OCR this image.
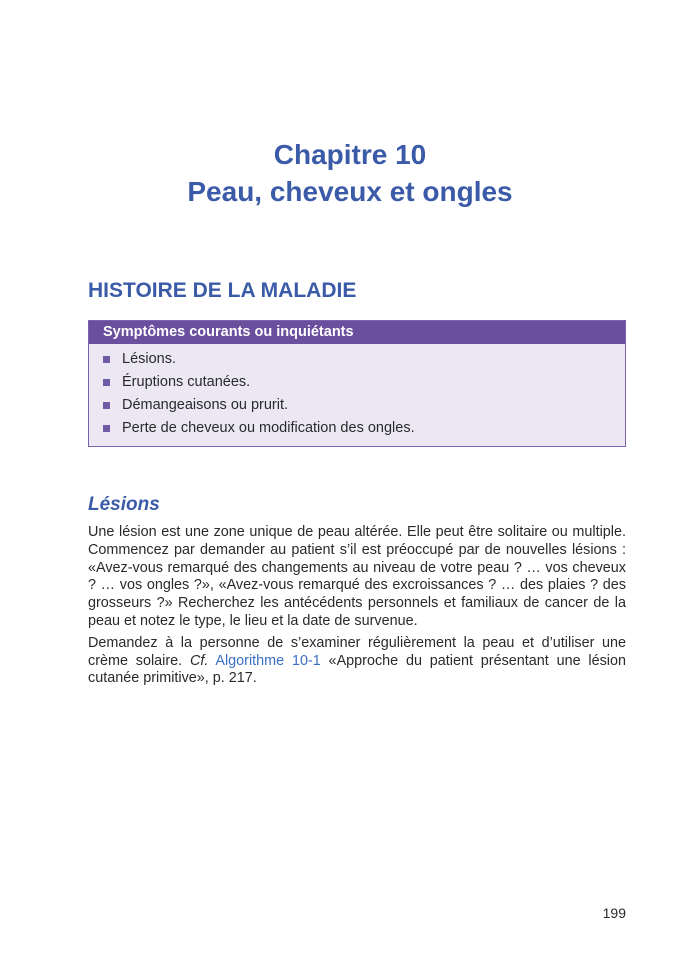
Chapitre 10
Peau, cheveux et ongles
HISTOIRE DE LA MALADIE
Symptômes courants ou inquiétants
Lésions.
Éruptions cutanées.
Démangeaisons ou prurit.
Perte de cheveux ou modification des ongles.
Lésions

Une lésion est une zone unique de peau altérée. Elle peut être solitaire ou multiple. Commencez par demander au patient s’il est préoccupé par de nouvelles lésions : «Avez-vous remarqué des changements au niveau de votre peau ? … vos cheveux ? … vos ongles ?», «Avez-vous remarqué des excroissances ? … des plaies ? des grosseurs ?» Recherchez les antécédents personnels et familiaux de cancer de la peau et notez le type, le lieu et la date de survenue.

Demandez à la personne de s’examiner régulièrement la peau et d’utiliser une crème solaire. Cf. Algorithme 10-1 «Approche du patient présentant une lésion cutanée primitive», p. 217.

199
